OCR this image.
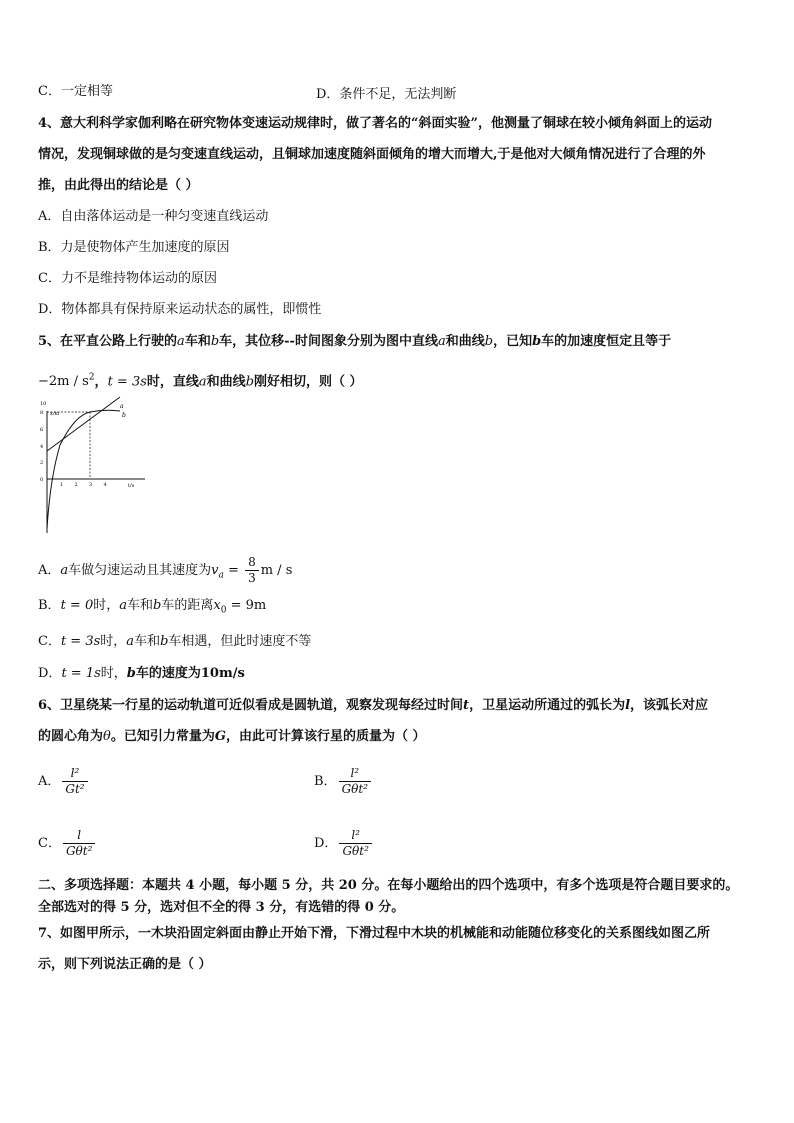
C．一定相等	D．条件不足，无法判断
4、意大利科学家伽利略在研究物体变速运动规律时，做了著名的“斜面实验”，他测量了铜球在较小倾角斜面上的运动
情况，发现铜球做的是匀变速直线运动，且铜球加速度随斜面倾角的增大而增大,于是他对大倾角情况进行了合理的外
推，由此得出的结论是（ ）
A．自由落体运动是一种匀变速直线运动
B．力是使物体产生加速度的原因
C．力不是维持物体运动的原因
D．物体都具有保持原来运动状态的属性，即惯性
5、在平直公路上行驶的a车和b车，其位移--时间图象分别为图中直线a和曲线b，已知b车的加速度恒定且等于
$-2m / s^2$，t = 3s时，直线a和曲线b刚好相切，则（ ）
x/m
t/s
10
8
6
4
2
0
1 2 3 4
a
b
A．a车做匀速运动且其速度为$v_a = \frac{8}{3}$ m / s
B．t = 0时，a车和b车的距离$x_0 = 9m$
C．t = 3s时，a车和b车相遇，但此时速度不等
D．t = 1s时，b车的速度为10m/s
6、卫星绕某一行星的运动轨道可近似看成是圆轨道，观察发现每经过时间t，卫星运动所通过的弧长为l，该弧长对应
的圆心角为θ。已知引力常量为G，由此可计算该行星的质量为（ ）
A． $\frac{\text{l²}}{\text{Gt²}}$	B． $\frac{\text{l²}}{\text{Gθt²}}$
C． $\frac{l}{\text{Gθt²}}$	D． $\frac{\text{l²}}{\text{Gθt²}}$
二、多项选择题：本题共 4 小题，每小题 5 分，共 20 分。在每小题给出的四个选项中，有多个选项是符合题目要求的。
全部选对的得 5 分，选对但不全的得 3 分，有选错的得 0 分。
7、如图甲所示，一木块沿固定斜面由静止开始下滑，下滑过程中木块的机械能和动能随位移变化的关系图线如图乙所
示，则下列说法正确的是（ ）
